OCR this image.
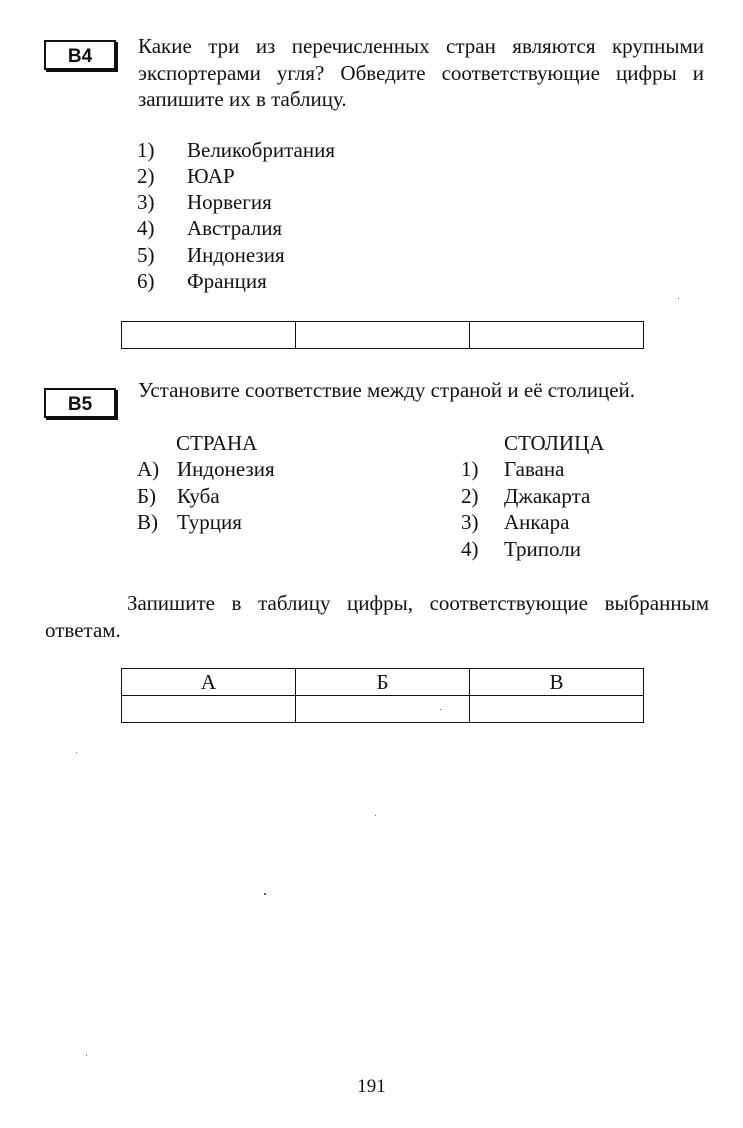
B4	Какие три из перечисленных стран являются крупными экспортерами угля? Обведите соответствующие цифры и запишите их в таблицу.
1) Великобритания
2) ЮАР
3) Норвегия
4) Австралия
5) Индонезия
6) Франция

B5
Установите соответствие между страной и её столицей.
СТРАНА	СТОЛИЦА
А) Индонезия
Б) Куба
В) Турция
1) Гавана
2) Джакарта
3) Анкара
4) Триполи
Запишите в таблицу цифры, соответствующие выбранным ответам.
А	Б	В

191
